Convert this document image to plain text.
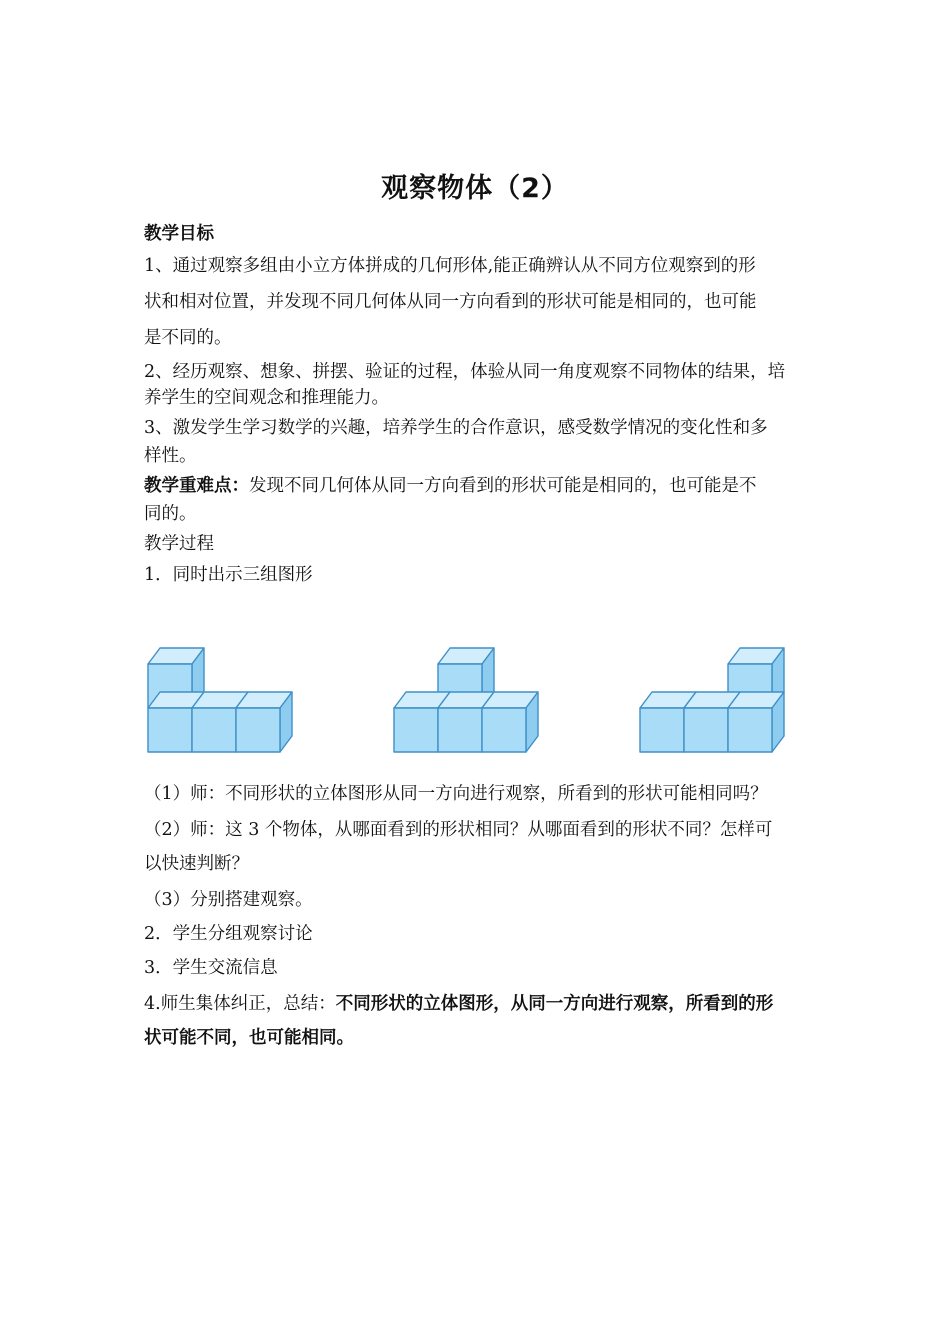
观察物体（2）
教学目标
1、通过观察多组由小立方体拼成的几何形体,能正确辨认从不同方位观察到的形
状和相对位置，并发现不同几何体从同一方向看到的形状可能是相同的，也可能
是不同的。
2、经历观察、想象、拼摆、验证的过程，体验从同一角度观察不同物体的结果，培
养学生的空间观念和推理能力。
3、激发学生学习数学的兴趣，培养学生的合作意识，感受数学情况的变化性和多
样性。
教学重难点：发现不同几何体从同一方向看到的形状可能是相同的，也可能是不
同的。
教学过程
1．同时出示三组图形
（1）师：不同形状的立体图形从同一方向进行观察，所看到的形状可能相同吗？
（2）师：这 3 个物体，从哪面看到的形状相同？从哪面看到的形状不同？怎样可
以快速判断？
（3）分别搭建观察。
2．学生分组观察讨论
3．学生交流信息
4.师生集体纠正，总结：不同形状的立体图形，从同一方向进行观察，所看到的形
状可能不同，也可能相同。
